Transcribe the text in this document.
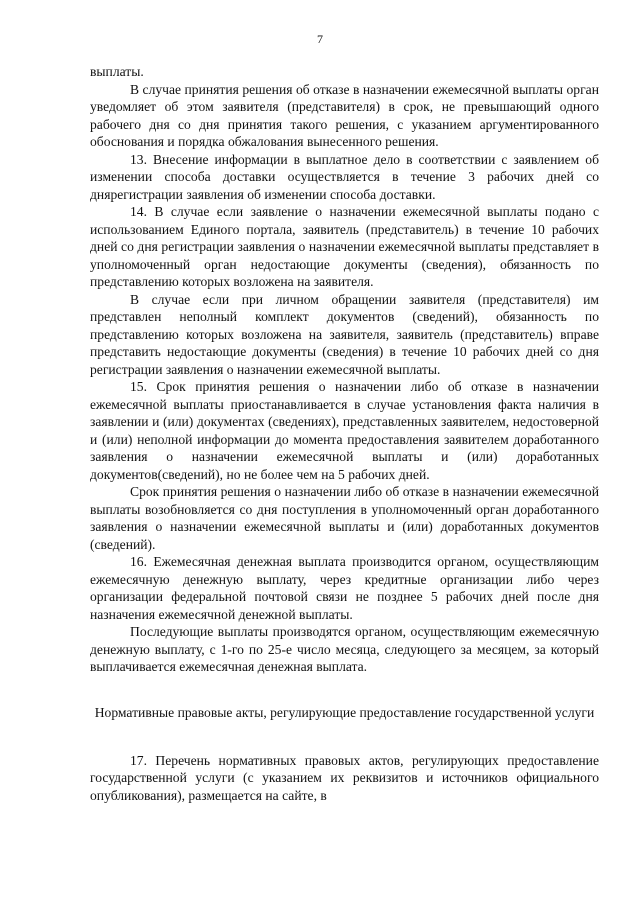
7

выплаты.

В случае принятия решения об отказе в назначении ежемесячной выплаты орган уведомляет об этом заявителя (представителя) в срок, не превышающий одного рабочего дня со дня принятия такого решения, с указанием аргументированного обоснования и порядка обжалования вынесенного решения.

13. Внесение информации в выплатное дело в соответствии с заявлением об изменении способа доставки осуществляется в течение 3 рабочих дней со днярегистрации заявления об изменении способа доставки.

14. В случае если заявление о назначении ежемесячной выплаты подано с использованием Единого портала, заявитель (представитель) в течение 10 рабочих дней со дня регистрации заявления о назначении ежемесячной выплаты представляет в уполномоченный орган недостающие документы (сведения), обязанность по представлению которых возложена на заявителя.

В случае если при личном обращении заявителя (представителя) им представлен неполный комплект документов (сведений), обязанность по представлению которых возложена на заявителя, заявитель (представитель) вправе представить недостающие документы (сведения) в течение 10 рабочих дней со дня регистрации заявления о назначении ежемесячной выплаты.

15. Срок принятия решения о назначении либо об отказе в назначении ежемесячной выплаты приостанавливается в случае установления факта наличия в заявлении и (или) документах (сведениях), представленных заявителем, недостоверной и (или) неполной информации до момента предоставления заявителем доработанного заявления о назначении ежемесячной выплаты и (или) доработанных документов(сведений), но не более чем на 5 рабочих дней.

Срок принятия решения о назначении либо об отказе в назначении ежемесячной выплаты возобновляется со дня поступления в уполномоченный орган доработанного заявления о назначении ежемесячной выплаты и (или) доработанных документов (сведений).

16. Ежемесячная денежная выплата производится органом, осуществляющим ежемесячную денежную выплату, через кредитные организации либо через организации федеральной почтовой связи не позднее 5 рабочих дней после дня назначения ежемесячной денежной выплаты.

Последующие выплаты производятся органом, осуществляющим ежемесячную денежную выплату, с 1-го по 25-е число месяца, следующего за месяцем, за который выплачивается ежемесячная денежная выплата.

Нормативные правовые акты, регулирующие предоставление государственной услуги

17. Перечень нормативных правовых актов, регулирующих предоставление государственной услуги (с указанием их реквизитов и источников официального опубликования), размещается на сайте, в
